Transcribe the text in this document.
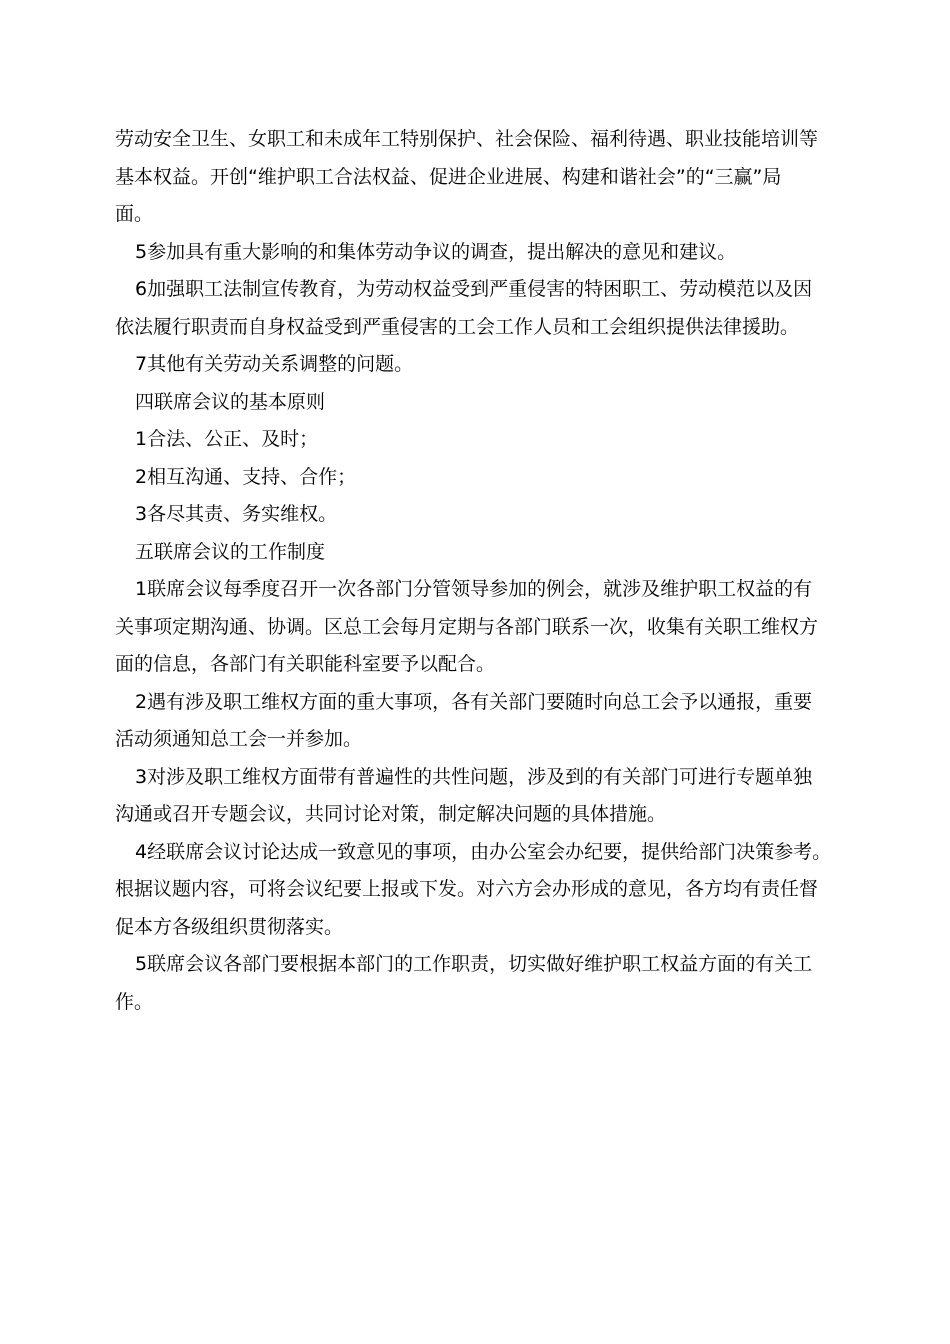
劳动安全卫生、女职工和未成年工特别保护、社会保险、福利待遇、职业技能培训等
基本权益。开创“维护职工合法权益、促进企业进展、构建和谐社会”的“三赢”局
面。
5参加具有重大影响的和集体劳动争议的调查，提出解决的意见和建议。
6加强职工法制宣传教育，为劳动权益受到严重侵害的特困职工、劳动模范以及因
依法履行职责而自身权益受到严重侵害的工会工作人员和工会组织提供法律援助。
7其他有关劳动关系调整的问题。
四联席会议的基本原则
1合法、公正、及时；
2相互沟通、支持、合作；
3各尽其责、务实维权。
五联席会议的工作制度
1联席会议每季度召开一次各部门分管领导参加的例会，就涉及维护职工权益的有
关事项定期沟通、协调。区总工会每月定期与各部门联系一次，收集有关职工维权方
面的信息，各部门有关职能科室要予以配合。
2遇有涉及职工维权方面的重大事项，各有关部门要随时向总工会予以通报，重要
活动须通知总工会一并参加。
3对涉及职工维权方面带有普遍性的共性问题，涉及到的有关部门可进行专题单独
沟通或召开专题会议，共同讨论对策，制定解决问题的具体措施。
4经联席会议讨论达成一致意见的事项，由办公室会办纪要，提供给部门决策参考。
根据议题内容，可将会议纪要上报或下发。对六方会办形成的意见，各方均有责任督
促本方各级组织贯彻落实。
5联席会议各部门要根据本部门的工作职责，切实做好维护职工权益方面的有关工
作。
